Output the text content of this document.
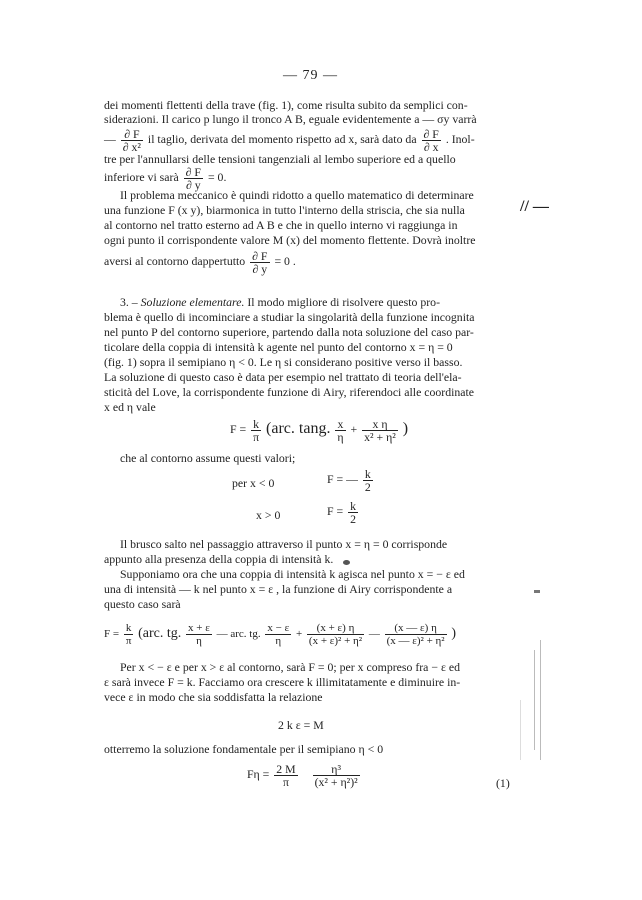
— 79 —
dei momenti flettenti della trave (fig. 1), come risulta subito da semplici con-
siderazioni. Il carico p lungo il tronco A B, eguale evidentemente a — σy varrà
— $\frac{\partial F}{\text{∂ x²}}$ il taglio, derivata del momento rispetto ad x, sarà dato da $\frac{\partial F}{\partial x}$ . Inol-
tre per l'annullarsi delle tensioni tangenziali al lembo superiore ed a quello
inferiore vi sarà $\frac{\partial F}{\partial y} = 0$.
Il problema meccanico è quindi ridotto a quello matematico di determinare
una funzione F (x y), biarmonica in tutto l'interno della striscia, che sia nulla
al contorno nel tratto esterno ad A B e che in quello interno vi raggiunga in
ogni punto il corrispondente valore M (x) del momento flettente. Dovrà inoltre
aversi al contorno dappertutto $\frac{\partial F}{\partial y} = 0$ .
// —
3. – Soluzione elementare. Il modo migliore di risolvere questo pro-
blema è quello di incominciare a studiar la singolarità della funzione incognita
nel punto P del contorno superiore, partendo dalla nota soluzione del caso par-
ticolare della coppia di intensità k agente nel punto del contorno x = η = 0
(fig. 1) sopra il semipiano η < 0. Le η si considerano positive verso il basso.
La soluzione di questo caso è data per esempio nel trattato di teoria dell'ela-
sticità del Love, la corrispondente funzione di Airy, riferendoci alle coordinate
x ed η vale
$F = \frac{k}{\pi} (arc$. tang. $\frac{x}{\eta} + \frac{\text{x η}}{\text{x² + η²}}$ )
che al contorno assume questi valori;
per x < 0	F = — $\frac{k}{2}$
x > 0	$F = \frac{k}{2}$
Il brusco salto nel passaggio attraverso il punto x = η = 0 corrisponde
appunto alla presenza della coppia di intensità k.
Supponiamo ora che una coppia di intensità k agisca nel punto x = − ε ed
una di intensità — k nel punto x = ε , la funzione di Airy corrispondente a
questo caso sarà
$F = \frac{k}{\pi} (arc$. tg. $\frac{x + \varepsilon}{\eta}$ — arc. tg. $\frac{x - \varepsilon}{\eta} + \frac{(x + \varepsilon) \eta}{\text{(x + ε)² + η²}}$ — $\frac{(x — \varepsilon) \eta}{\text{(x — ε)² + η²}}$ )
Per x < − ε e per x > ε al contorno, sarà F = 0; per x compreso fra − ε ed
ε sarà invece F = k. Facciamo ora crescere k illimitatamente e diminuire in-
vece ε in modo che sia soddisfatta la relazione
2 k ε = M
otterremo la soluzione fondamentale per il semipiano η < 0
$F\eta = \frac{2 M}{\pi}$
$\frac{\text{η³}}{\text{(x² + η²)²}}$	(1)
